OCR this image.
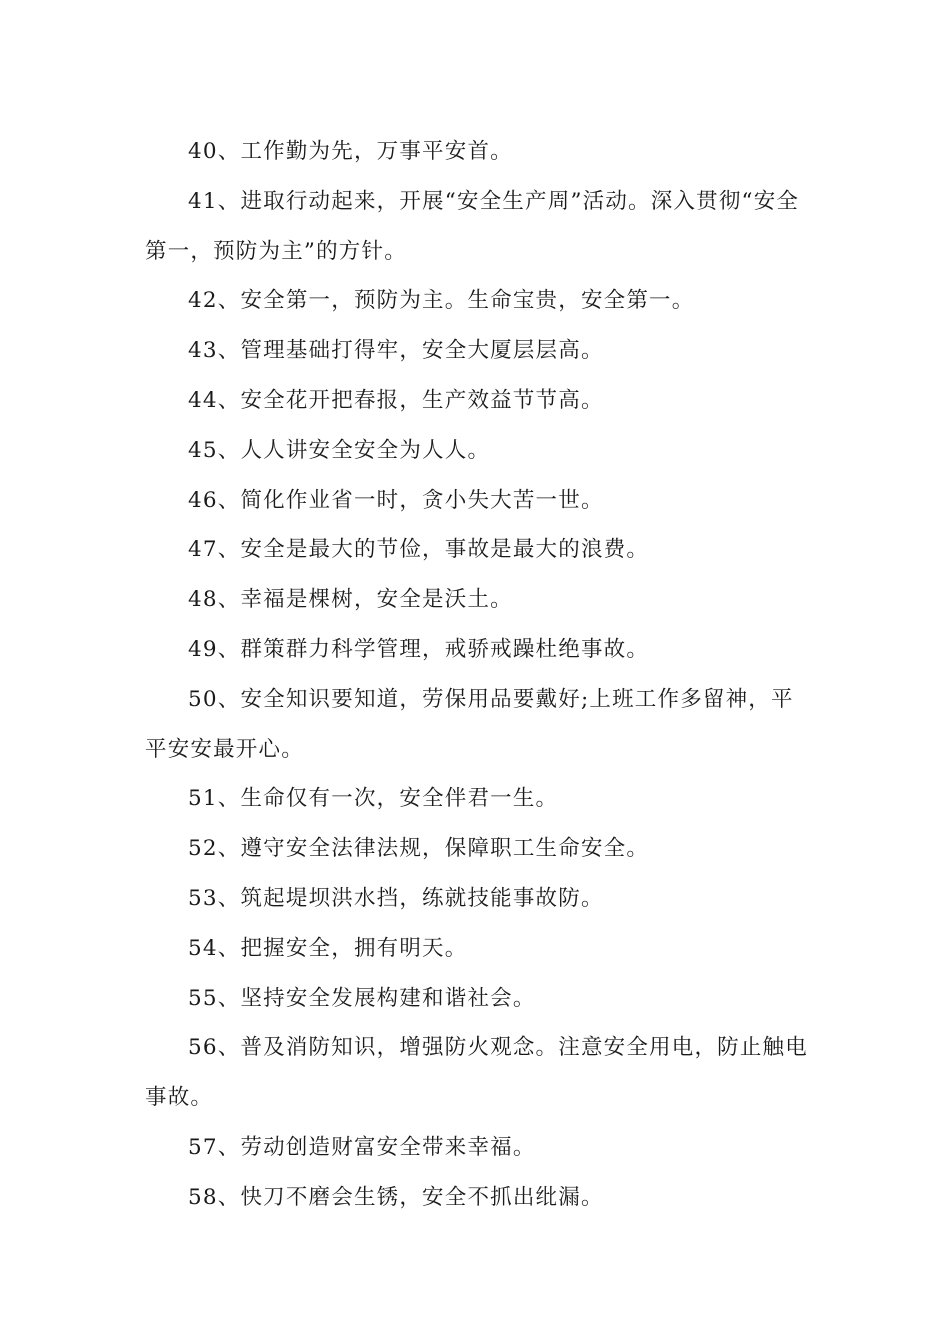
40、工作勤为先，万事平安首。

41、进取行动起来，开展“安全生产周”活动。深入贯彻“安全第一，预防为主”的方针。

42、安全第一，预防为主。生命宝贵，安全第一。

43、管理基础打得牢，安全大厦层层高。

44、安全花开把春报，生产效益节节高。

45、人人讲安全安全为人人。

46、简化作业省一时，贪小失大苦一世。

47、安全是最大的节俭，事故是最大的浪费。

48、幸福是棵树，安全是沃土。

49、群策群力科学管理，戒骄戒躁杜绝事故。

50、安全知识要知道，劳保用品要戴好;上班工作多留神，平平安安最开心。

51、生命仅有一次，安全伴君一生。

52、遵守安全法律法规，保障职工生命安全。

53、筑起堤坝洪水挡，练就技能事故防。

54、把握安全，拥有明天。

55、坚持安全发展构建和谐社会。

56、普及消防知识，增强防火观念。注意安全用电，防止触电事故。

57、劳动创造财富安全带来幸福。

58、快刀不磨会生锈，安全不抓出纰漏。
